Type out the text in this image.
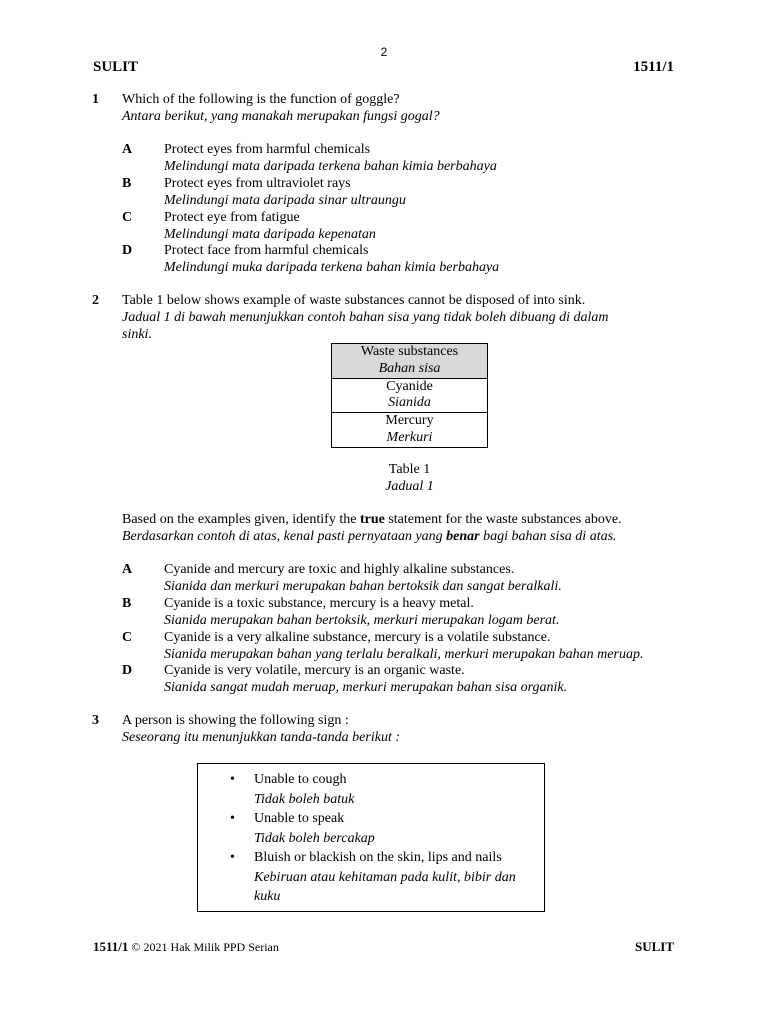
2
SULIT	1511/1
1 Which of the following is the function of goggle?
Antara berikut, yang manakah merupakan fungsi gogal?
A Protect eyes from harmful chemicals
Melindungi mata daripada terkena bahan kimia berbahaya
B Protect eyes from ultraviolet rays
Melindungi mata daripada sinar ultraungu
C Protect eye from fatigue
Melindungi mata daripada kepenatan
D Protect face from harmful chemicals
Melindungi muka daripada terkena bahan kimia berbahaya
2 Table 1 below shows example of waste substances cannot be disposed of into sink.
Jadual 1 di bawah menunjukkan contoh bahan sisa yang tidak boleh dibuang di dalam
sinki.
Waste substances
Bahan sisa

Cyanide
Sianida

Mercury
Merkuri
Table 1
Jadual 1
Based on the examples given, identify the true statement for the waste substances above.
Berdasarkan contoh di atas, kenal pasti pernyataan yang benar bagi bahan sisa di atas.
A Cyanide and mercury are toxic and highly alkaline substances.
Sianida dan merkuri merupakan bahan bertoksik dan sangat beralkali.
B Cyanide is a toxic substance, mercury is a heavy metal.
Sianida merupakan bahan bertoksik, merkuri merupakan logam berat.
C Cyanide is a very alkaline substance, mercury is a volatile substance.
Sianida merupakan bahan yang terlalu beralkali, merkuri merupakan bahan meruap.
D Cyanide is very volatile, mercury is an organic waste.
Sianida sangat mudah meruap, merkuri merupakan bahan sisa organik.
3 A person is showing the following sign :
Seseorang itu menunjukkan tanda-tanda berikut :
• Unable to cough
Tidak boleh batuk
• Unable to speak
Tidak boleh bercakap
• Bluish or blackish on the skin, lips and nails
Kebiruan atau kehitaman pada kulit, bibir dan kuku
1511/1 © 2021 Hak Milik PPD Serian	SULIT
